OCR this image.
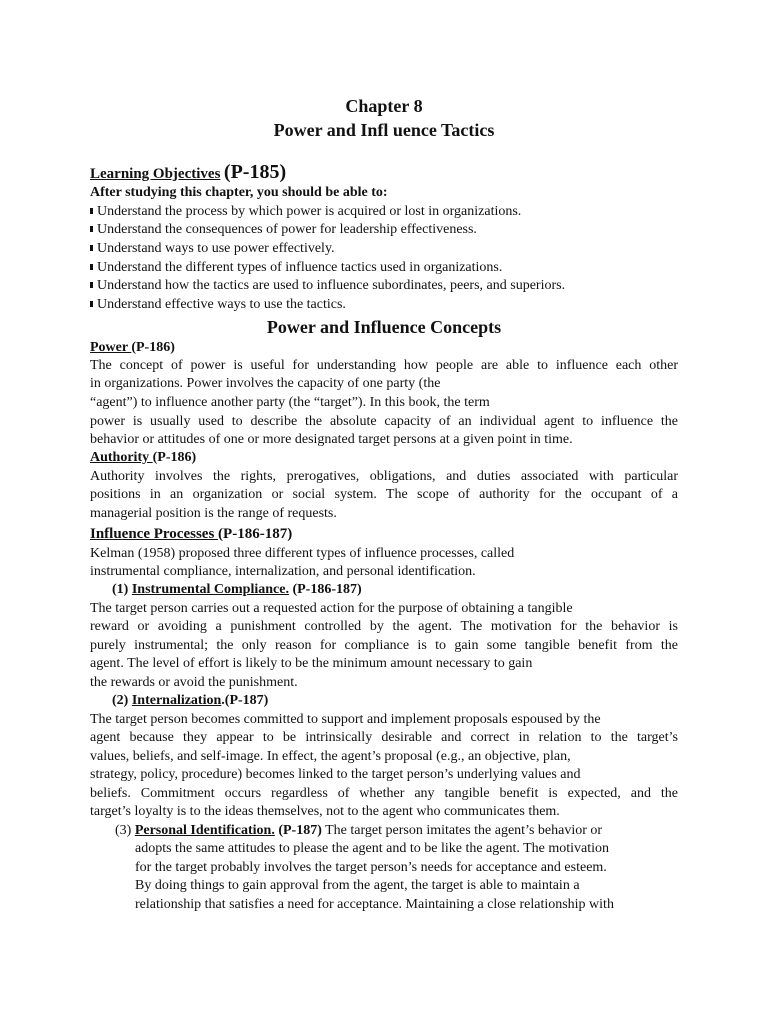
Chapter 8
Power and Infl uence Tactics
Learning Objectives (P-185)
After studying this chapter, you should be able to:
Understand the process by which power is acquired or lost in organizations.
Understand the consequences of power for leadership effectiveness.
Understand ways to use power effectively.
Understand the different types of influence tactics used in organizations.
Understand how the tactics are used to influence subordinates, peers, and superiors.
Understand effective ways to use the tactics.
Power and Influence Concepts
Power (P-186)
The concept of power is useful for understanding how people are able to influence each other
in organizations. Power involves the capacity of one party (the
“agent”) to influence another party (the “target”). In this book, the term
power is usually used to describe the absolute capacity of an individual agent to influence the
behavior or attitudes of one or more designated target persons at a given point in time.
Authority (P-186)
Authority involves the rights, prerogatives, obligations, and duties associated with particular
positions in an organization or social system. The scope of authority for the occupant of a
managerial position is the range of requests.
Influence Processes (P-186-187)
Kelman (1958) proposed three different types of influence processes, called
instrumental compliance, internalization, and personal identification.
(1) Instrumental Compliance. (P-186-187)
The target person carries out a requested action for the purpose of obtaining a tangible
reward or avoiding a punishment controlled by the agent. The motivation for the behavior is
purely instrumental; the only reason for compliance is to gain some tangible benefit from the
agent. The level of effort is likely to be the minimum amount necessary to gain
the rewards or avoid the punishment.
(2) Internalization.(P-187)
The target person becomes committed to support and implement proposals espoused by the
agent because they appear to be intrinsically desirable and correct in relation to the target’s
values, beliefs, and self-image. In effect, the agent’s proposal (e.g., an objective, plan,
strategy, policy, procedure) becomes linked to the target person’s underlying values and
beliefs. Commitment occurs regardless of whether any tangible benefit is expected, and the
target’s loyalty is to the ideas themselves, not to the agent who communicates them.
(3) Personal Identification. (P-187) The target person imitates the agent’s behavior or
adopts the same attitudes to please the agent and to be like the agent. The motivation
for the target probably involves the target person’s needs for acceptance and esteem.
By doing things to gain approval from the agent, the target is able to maintain a
relationship that satisfies a need for acceptance. Maintaining a close relationship with
